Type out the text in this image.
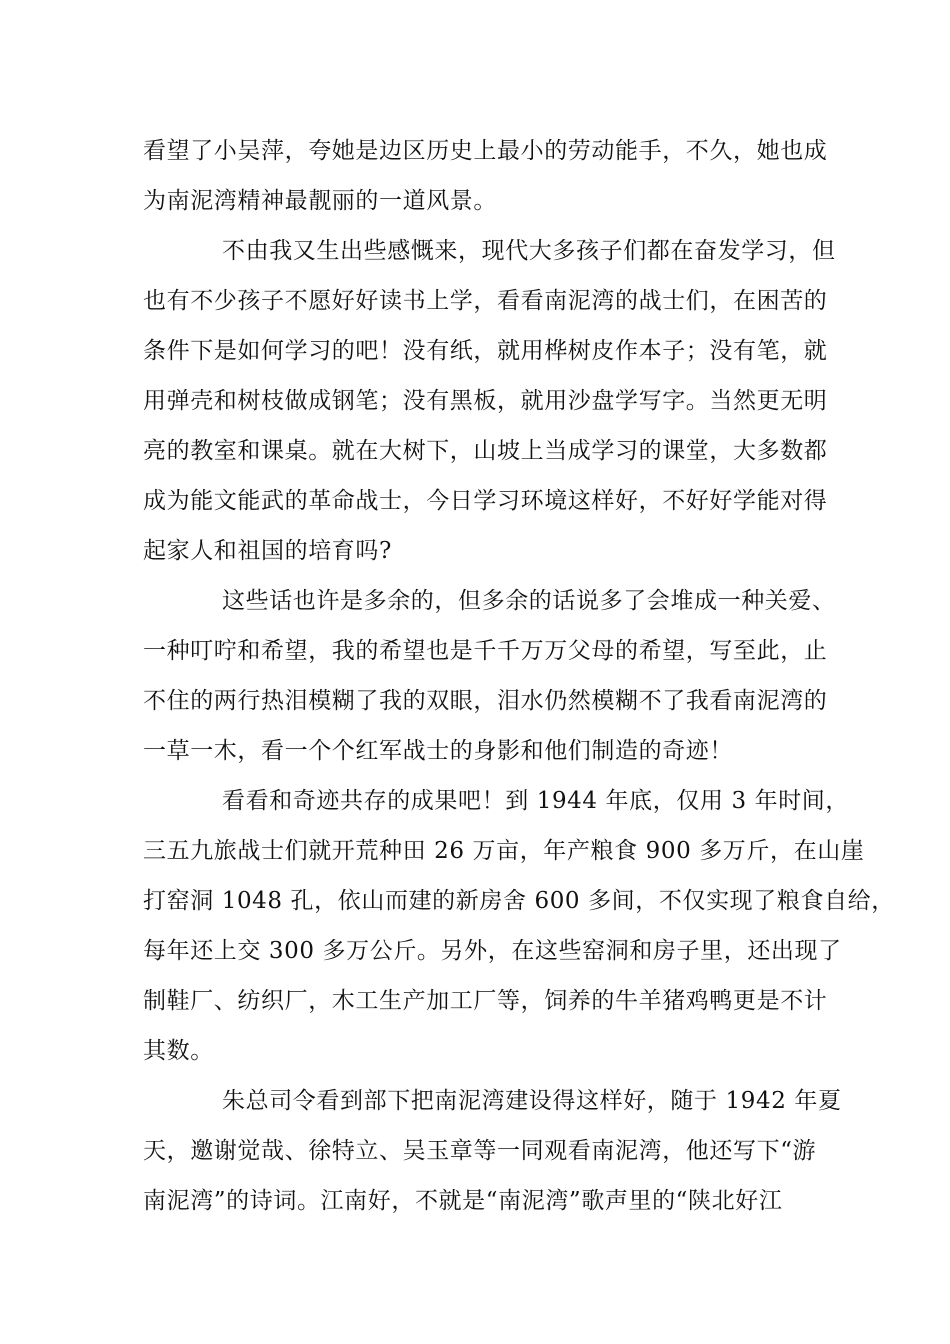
看望了小吴萍，夸她是边区历史上最小的劳动能手，不久，她也成
为南泥湾精神最靓丽的一道风景。
不由我又生出些感慨来，现代大多孩子们都在奋发学习，但
也有不少孩子不愿好好读书上学，看看南泥湾的战士们，在困苦的
条件下是如何学习的吧！没有纸，就用桦树皮作本子；没有笔，就
用弹壳和树枝做成钢笔；没有黑板，就用沙盘学写字。当然更无明
亮的教室和课桌。就在大树下，山坡上当成学习的课堂，大多数都
成为能文能武的革命战士，今日学习环境这样好，不好好学能对得
起家人和祖国的培育吗?
这些话也许是多余的，但多余的话说多了会堆成一种关爱、
一种叮咛和希望，我的希望也是千千万万父母的希望，写至此，止
不住的两行热泪模糊了我的双眼，泪水仍然模糊不了我看南泥湾的
一草一木，看一个个红军战士的身影和他们制造的奇迹！
看看和奇迹共存的成果吧！到 1944 年底，仅用 3 年时间，
三五九旅战士们就开荒种田 26 万亩，年产粮食 900 多万斤，在山崖
打窑洞 1048 孔，依山而建的新房舍 600 多间，不仅实现了粮食自给，
每年还上交 300 多万公斤。另外，在这些窑洞和房子里，还出现了
制鞋厂、纺织厂，木工生产加工厂等，饲养的牛羊猪鸡鸭更是不计
其数。
朱总司令看到部下把南泥湾建设得这样好，随于 1942 年夏
天，邀谢觉哉、徐特立、吴玉章等一同观看南泥湾，他还写下“游
南泥湾”的诗词。江南好，不就是“南泥湾”歌声里的“陕北好江
